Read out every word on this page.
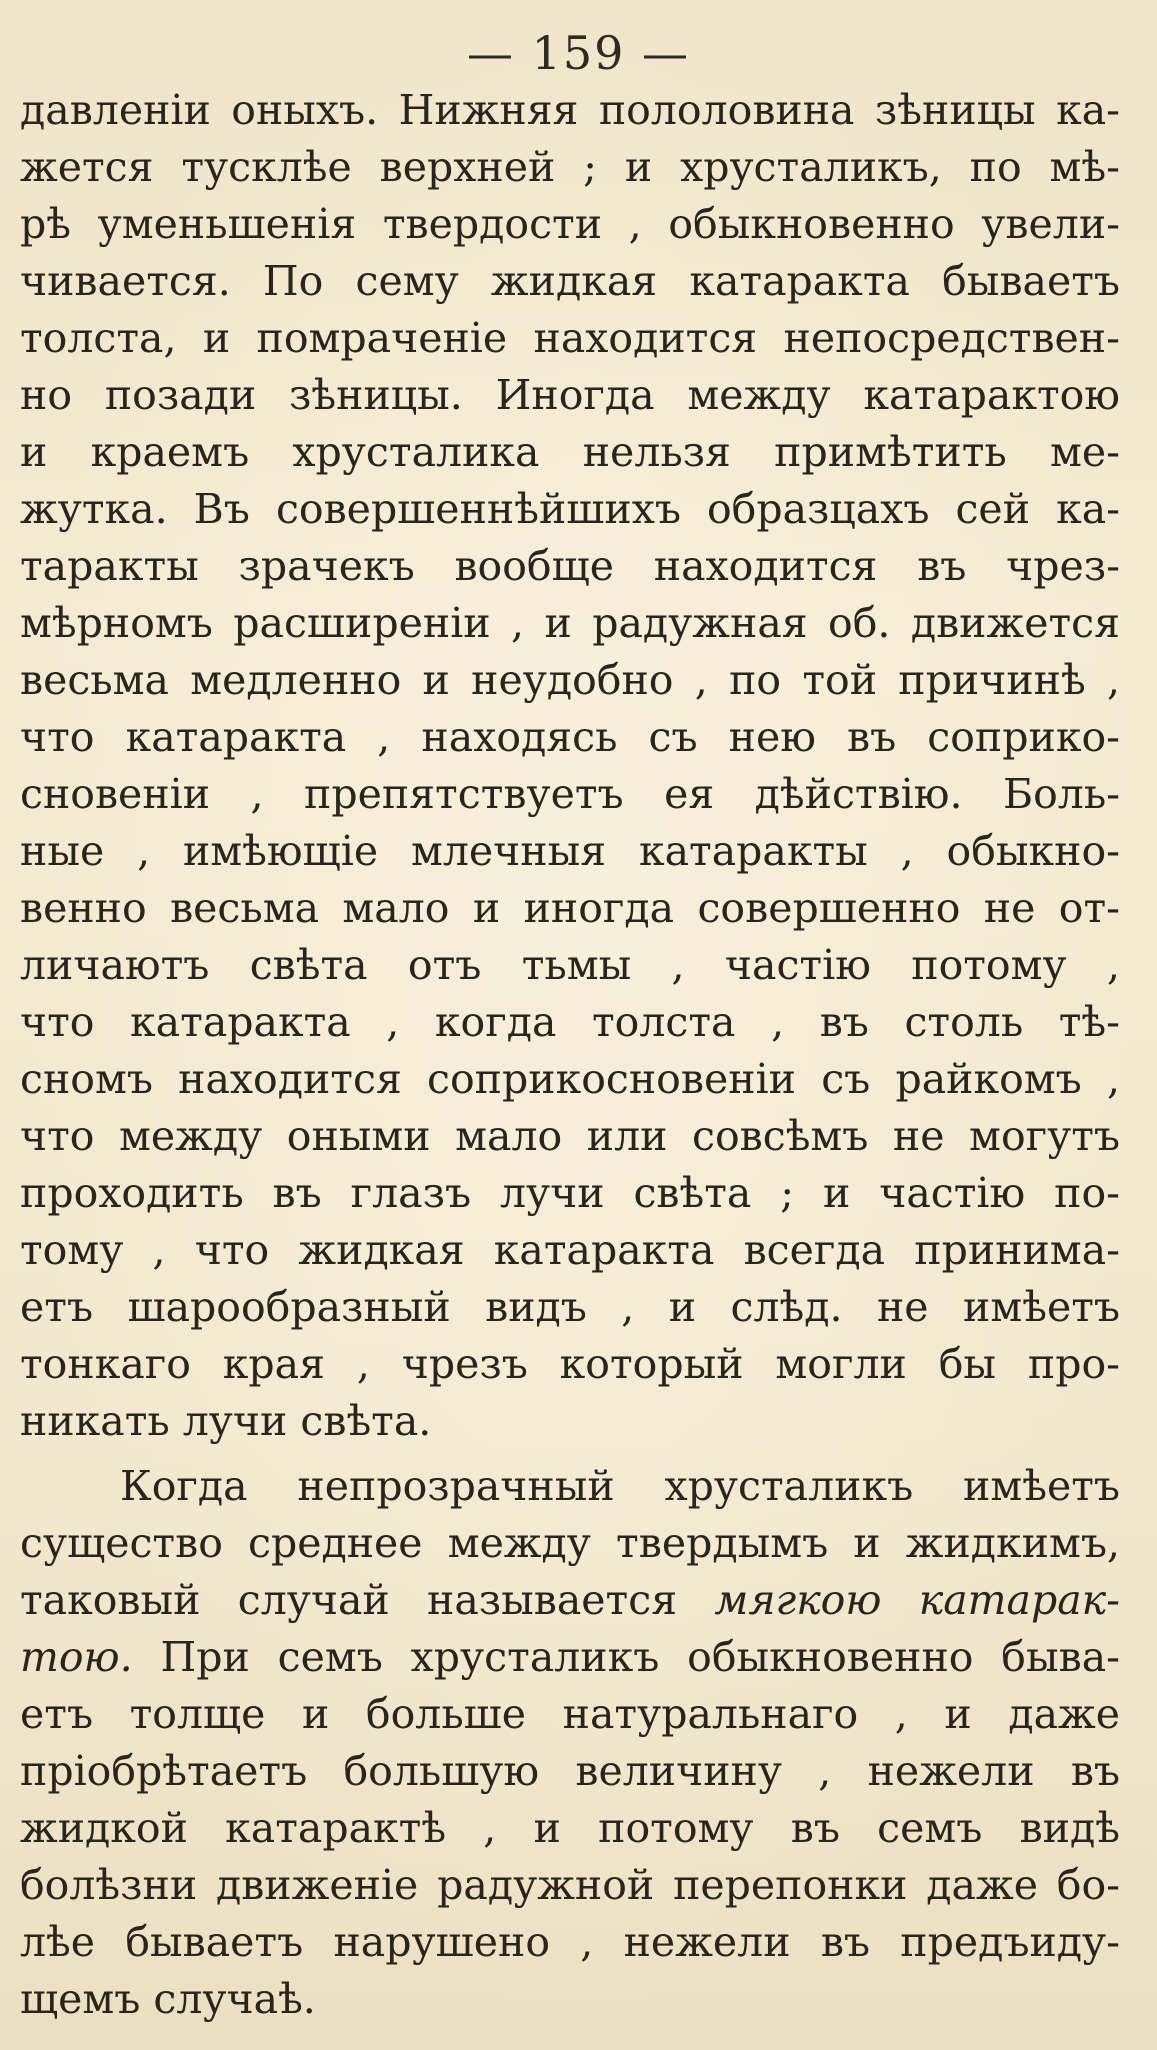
— 159 —
давленіи оныхъ. Нижняя пололовина зѣницы ка-
жется тусклѣе верхней ; и хрусталикъ, по мѣ-
рѣ уменьшенія твердости , обыкновенно увели-
чивается. По сему жидкая катаракта бываетъ
толста, и помраченіе находится непосредствен-
но позади зѣницы. Иногда между катарактою
и краемъ хрусталика нельзя примѣтить ме-
жутка. Въ совершеннѣйшихъ образцахъ сей ка-
таракты зрачекъ вообще находится въ чрез-
мѣрномъ расширеніи , и радужная об. движется
весьма медленно и неудобно , по той причинѣ ,
что катаракта , находясь съ нею въ соприко-
сновеніи , препятствуетъ ея дѣйствію. Боль-
ные , имѣющіе млечныя катаракты , обыкно-
венно весьма мало и иногда совершенно не от-
личаютъ свѣта отъ тьмы , частію потому ,
что катаракта , когда толста , въ столь тѣ-
сномъ находится соприкосновеніи съ райкомъ ,
что между оными мало или совсѣмъ не могутъ
проходить въ глазъ лучи свѣта ; и частію по-
тому , что жидкая катаракта всегда принима-
етъ шарообразный видъ , и слѣд. не имѣетъ
тонкаго края , чрезъ который могли бы про-
никать лучи свѣта.
Когда непрозрачный хрусталикъ имѣетъ
существо среднее между твердымъ и жидкимъ,
таковый случай называется мягкою катарак-
тою. При семъ хрусталикъ обыкновенно быва-
етъ толще и больше натуральнаго , и даже
пріобрѣтаетъ большую величину , нежели въ
жидкой катарактѣ , и потому въ семъ видѣ
болѣзни движеніе радужной перепонки даже бо-
лѣе бываетъ нарушено , нежели въ предъиду-
щемъ случаѣ.
